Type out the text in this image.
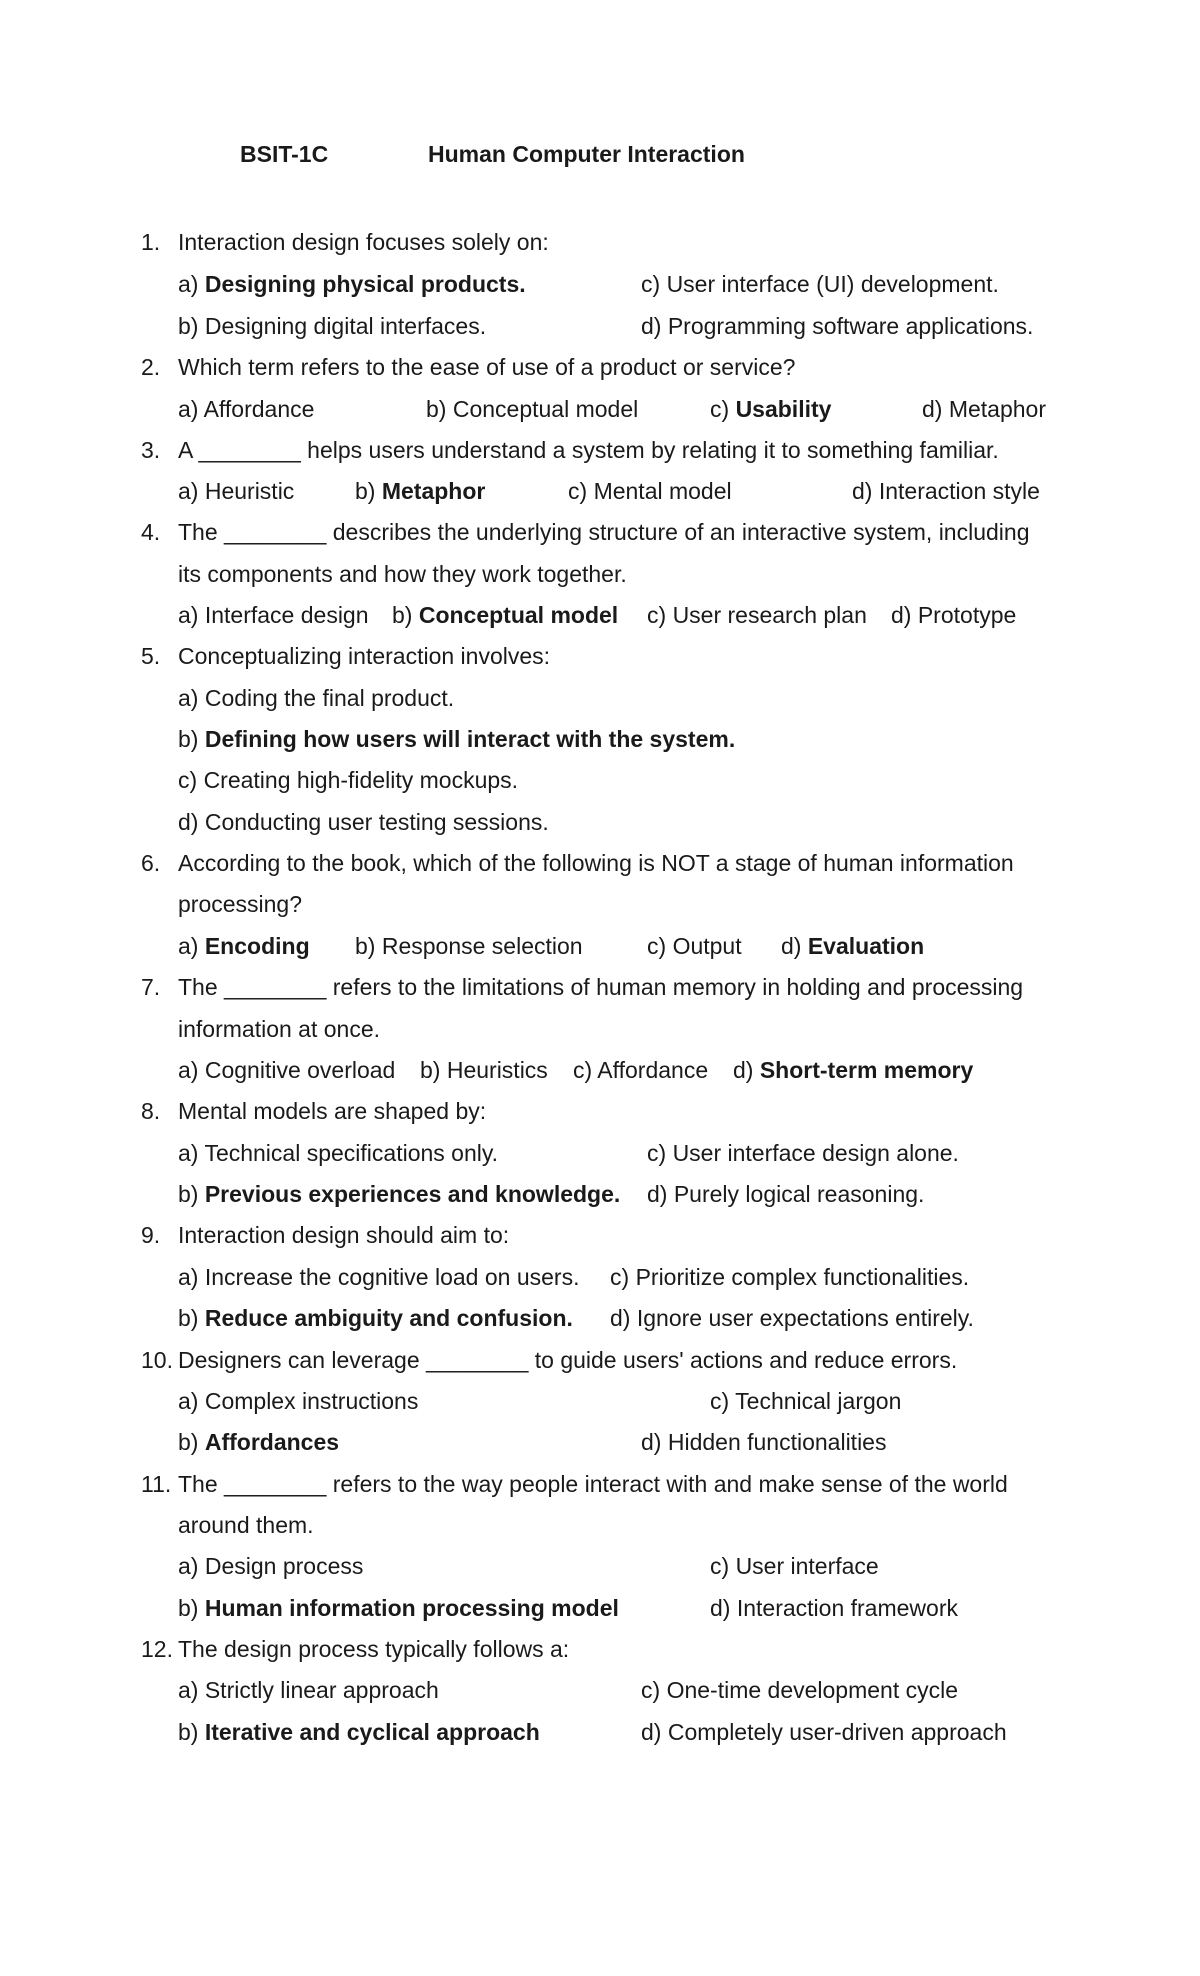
BSIT-1C	Human Computer Interaction
1. Interaction design focuses solely on:
a) Designing physical products.	c) User interface (UI) development.
b) Designing digital interfaces.	d) Programming software applications.
2. Which term refers to the ease of use of a product or service?
a) Affordance	b) Conceptual model	c) Usability	d) Metaphor
3. A ________ helps users understand a system by relating it to something familiar.
a) Heuristic	b) Metaphor	c) Mental model	d) Interaction style
4. The ________ describes the underlying structure of an interactive system, including
its components and how they work together.
a) Interface design b) Conceptual model c) User research plan d) Prototype
5. Conceptualizing interaction involves:
a) Coding the final product.
b) Defining how users will interact with the system.
c) Creating high-fidelity mockups.
d) Conducting user testing sessions.
6. According to the book, which of the following is NOT a stage of human information
processing?
a) Encoding b) Response selection	c) Output d) Evaluation
7. The ________ refers to the limitations of human memory in holding and processing
information at once.
a) Cognitive overload b) Heuristics c) Affordance d) Short-term memory
8. Mental models are shaped by:
a) Technical specifications only.	c) User interface design alone.
b) Previous experiences and knowledge. d) Purely logical reasoning.
9. Interaction design should aim to:
a) Increase the cognitive load on users. c) Prioritize complex functionalities.
b) Reduce ambiguity and confusion. d) Ignore user expectations entirely.
10. Designers can leverage ________ to guide users' actions and reduce errors.
a) Complex instructions	c) Technical jargon
b) Affordances	d) Hidden functionalities
11. The ________ refers to the way people interact with and make sense of the world
around them.
a) Design process	c) User interface
b) Human information processing model	d) Interaction framework
12. The design process typically follows a:
a) Strictly linear approach	c) One-time development cycle
b) Iterative and cyclical approach	d) Completely user-driven approach
